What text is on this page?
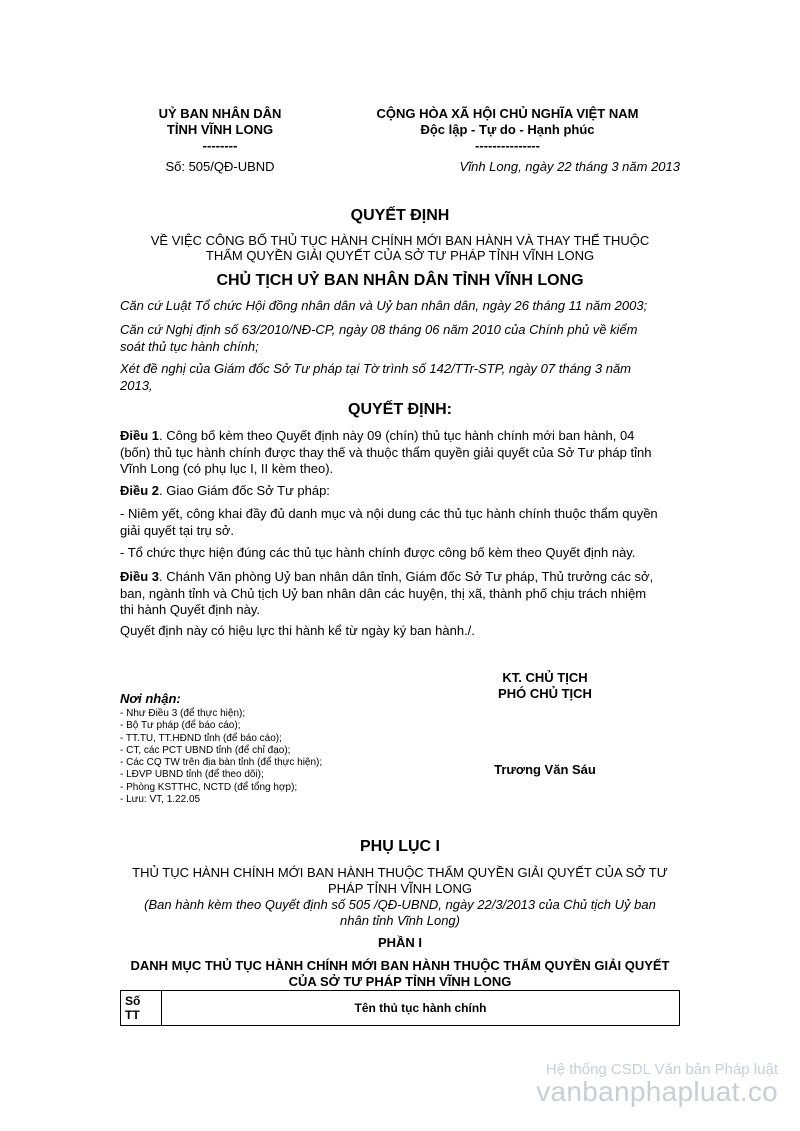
UỶ BAN NHÂN DÂN
TỈNH VĨNH LONG
--------
CỘNG HÒA XÃ HỘI CHỦ NGHĨA VIỆT NAM
Độc lập - Tự do - Hạnh phúc
---------------
Số: 505/QĐ-UBND	Vĩnh Long, ngày 22 tháng 3 năm 2013
QUYẾT ĐỊNH
VỀ VIỆC CÔNG BỐ THỦ TỤC HÀNH CHÍNH MỚI BAN HÀNH VÀ THAY THẾ THUỘC
THẨM QUYỀN GIẢI QUYẾT CỦA SỞ TƯ PHÁP TỈNH VĨNH LONG
CHỦ TỊCH UỶ BAN NHÂN DÂN TỈNH VĨNH LONG
Căn cứ Luật Tổ chức Hội đồng nhân dân và Uỷ ban nhân dân, ngày 26 tháng 11 năm 2003;
Căn cứ Nghị định số 63/2010/NĐ-CP, ngày 08 tháng 06 năm 2010 của Chính phủ về kiểm
soát thủ tục hành chính;
Xét đề nghị của Giám đốc Sở Tư pháp tại Tờ trình số 142/TTr-STP, ngày 07 tháng 3 năm
2013,
QUYẾT ĐỊNH:
Điều 1. Công bố kèm theo Quyết định này 09 (chín) thủ tục hành chính mới ban hành, 04
(bốn) thủ tục hành chính được thay thế và thuộc thẩm quyền giải quyết của Sở Tư pháp tỉnh
Vĩnh Long (có phụ lục I, II kèm theo).
Điều 2. Giao Giám đốc Sở Tư pháp:
- Niêm yết, công khai đầy đủ danh mục và nội dung các thủ tục hành chính thuộc thẩm quyền
giải quyết tại trụ sở.
- Tổ chức thực hiện đúng các thủ tục hành chính được công bố kèm theo Quyết định này.
Điều 3. Chánh Văn phòng Uỷ ban nhân dân tỉnh, Giám đốc Sở Tư pháp, Thủ trưởng các sở,
ban, ngành tỉnh và Chủ tịch Uỷ ban nhân dân các huyện, thị xã, thành phố chịu trách nhiệm
thi hành Quyết định này.
Quyết định này có hiệu lực thi hành kể từ ngày ký ban hành./.
KT. CHỦ TỊCH
PHÓ CHỦ TỊCH
Trương Văn Sáu
Nơi nhận:
- Như Điều 3 (để thực hiện);
- Bộ Tư pháp (để báo cáo);
- TT.TU, TT.HĐND tỉnh (để báo cáo);
- CT, các PCT UBND tỉnh (để chỉ đạo);
- Các CQ TW trên địa bàn tỉnh (để thực hiện);
- LĐVP UBND tỉnh (để theo dõi);
- Phòng KSTTHC, NCTD (để tổng hợp);
- Lưu: VT, 1.22.05
PHỤ LỤC I
THỦ TỤC HÀNH CHÍNH MỚI BAN HÀNH THUỘC THẨM QUYỀN GIẢI QUYẾT CỦA SỞ TƯ
PHÁP TỈNH VĨNH LONG
(Ban hành kèm theo Quyết định số 505 /QĐ-UBND, ngày 22/3/2013 của Chủ tịch Uỷ ban
nhân tỉnh Vĩnh Long)
PHẦN I
DANH MỤC THỦ TỤC HÀNH CHÍNH MỚI BAN HÀNH THUỘC THẨM QUYỀN GIẢI QUYẾT
CỦA SỞ TƯ PHÁP TỈNH VĨNH LONG
Số TT	Tên thủ tục hành chính
Hệ thống CSDL Văn bản Pháp luật
vanbanphapluat.co
